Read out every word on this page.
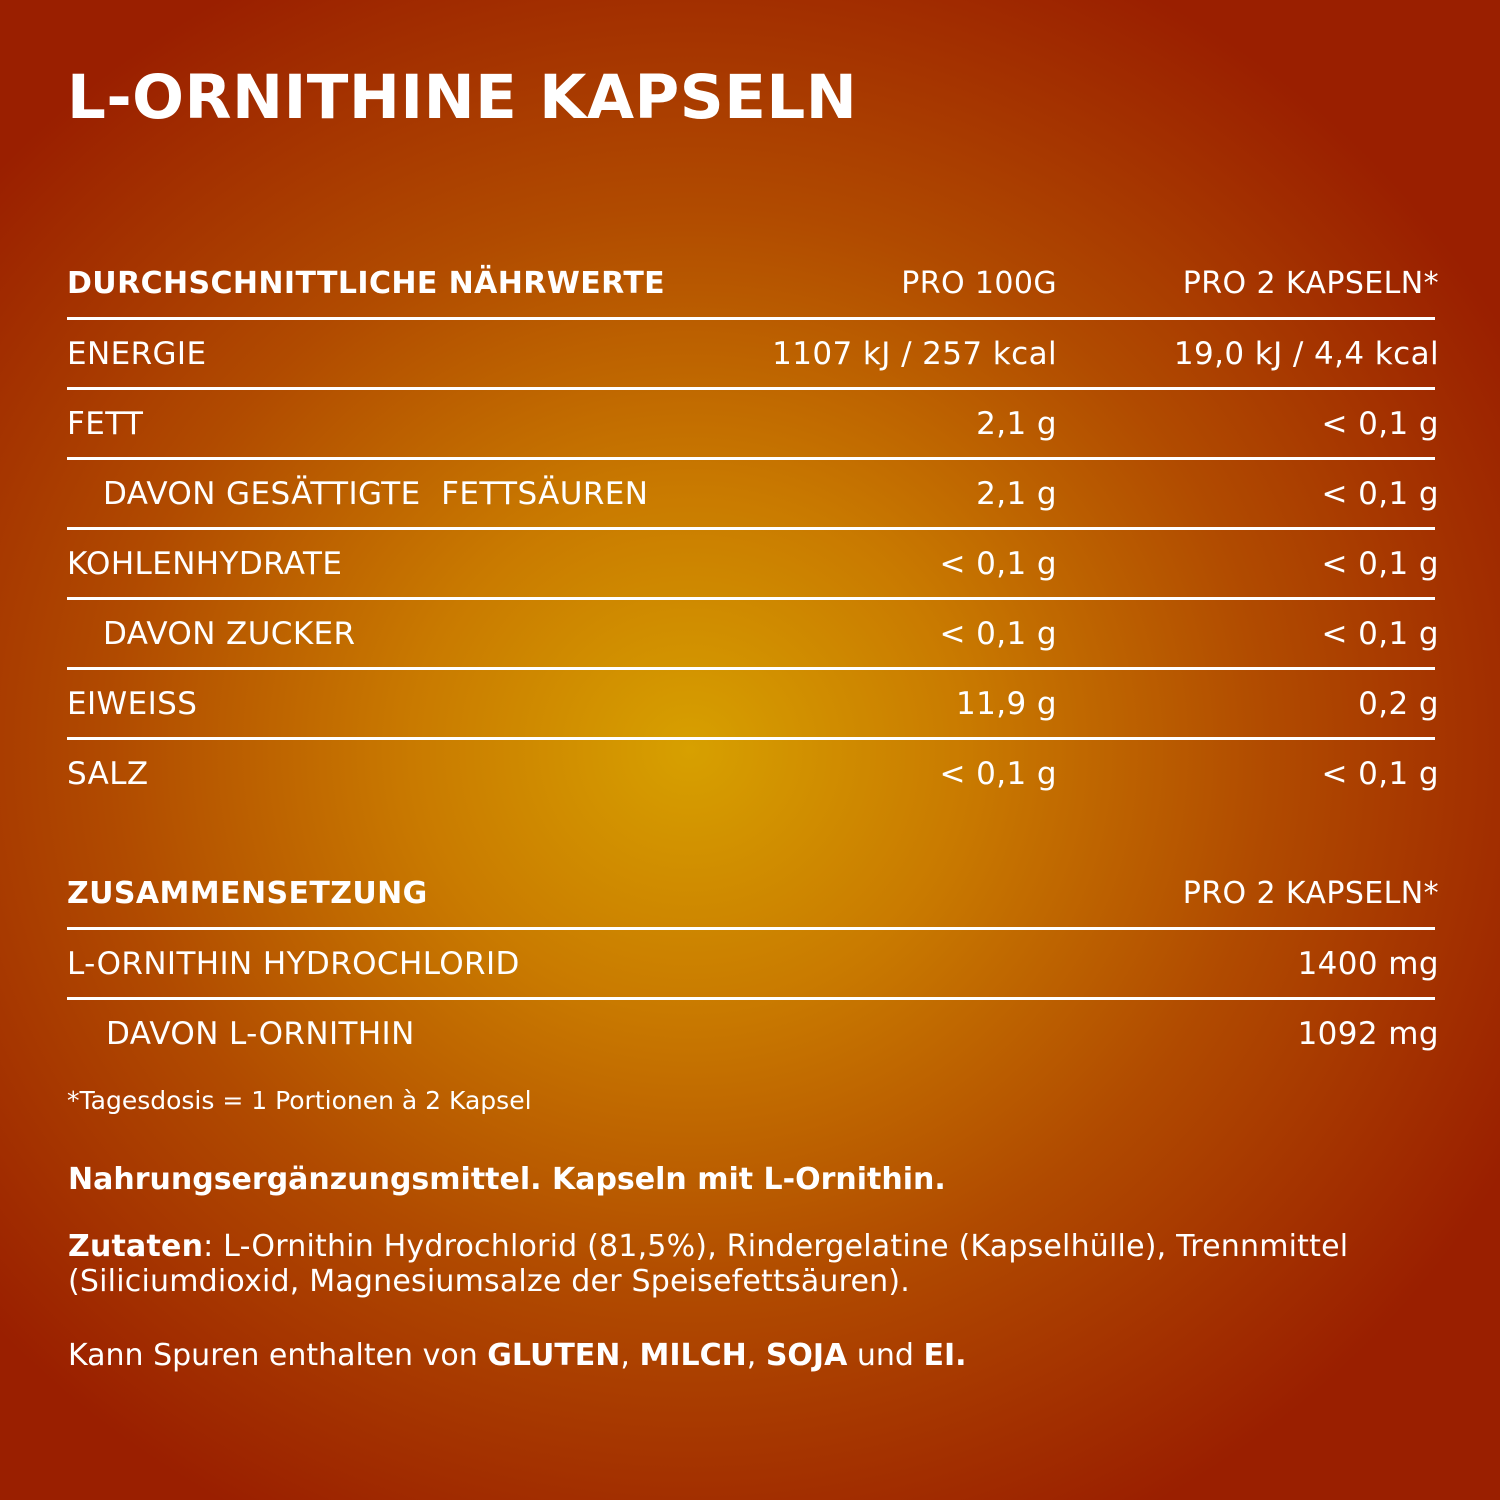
L-ORNITHINE KAPSELN
DURCHSCHNITTLICHE NÄHRWERTE	PRO 100G	PRO 2 KAPSELN*
ENERGIE	1107 kJ / 257 kcal	19,0 kJ / 4,4 kcal
FETT	2,1 g	< 0,1 g
DAVON GESÄTTIGTE  FETTSÄUREN	2,1 g	< 0,1 g
KOHLENHYDRATE	< 0,1 g	< 0,1 g
DAVON ZUCKER	< 0,1 g	< 0,1 g
EIWEISS	11,9 g	0,2 g
SALZ	< 0,1 g	< 0,1 g
ZUSAMMENSETZUNG	PRO 2 KAPSELN*
L-ORNITHIN HYDROCHLORID	1400 mg
DAVON L-ORNITHIN	1092 mg
*Tagesdosis = 1 Portionen à 2 Kapsel
Nahrungsergänzungsmittel. Kapseln mit L-Ornithin.
Zutaten: L-Ornithin Hydrochlorid (81,5%), Rindergelatine (Kapselhülle), Trennmittel (Siliciumdioxid, Magnesiumsalze der Speisefettsäuren).
Kann Spuren enthalten von GLUTEN, MILCH, SOJA und EI.
